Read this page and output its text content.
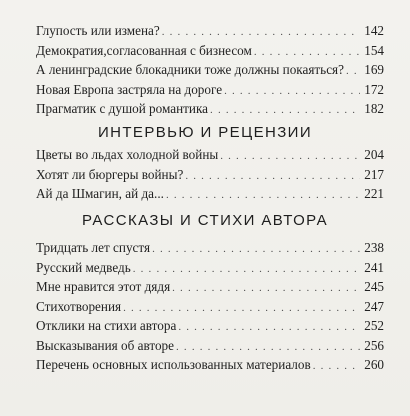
Глупость или измена? . . .	142
Демократия,согласованная с бизнесом . . .	154
А ленинградские блокадники тоже должны покаяться? . . . 169
Новая Европа застряла на дороге . . .	172
Прагматик с душой романтика . . .	182
ИНТЕРВЬЮ И РЕЦЕНЗИИ
Цветы во льдах холодной войны . . .	204
Хотят ли бюргеры войны? . . .	217
Ай да Шмагин, ай да... . . .	221
РАССКАЗЫ И СТИХИ АВТОРА
Тридцать лет спустя . . .	238
Русский медведь . . .	241
Мне нравится этот дядя . . .	245
Стихотворения . . .	247
Отклики на стихи автора . . .	252
Высказывания об авторе . . .	256
Перечень основных использованных материалов . . .	260
